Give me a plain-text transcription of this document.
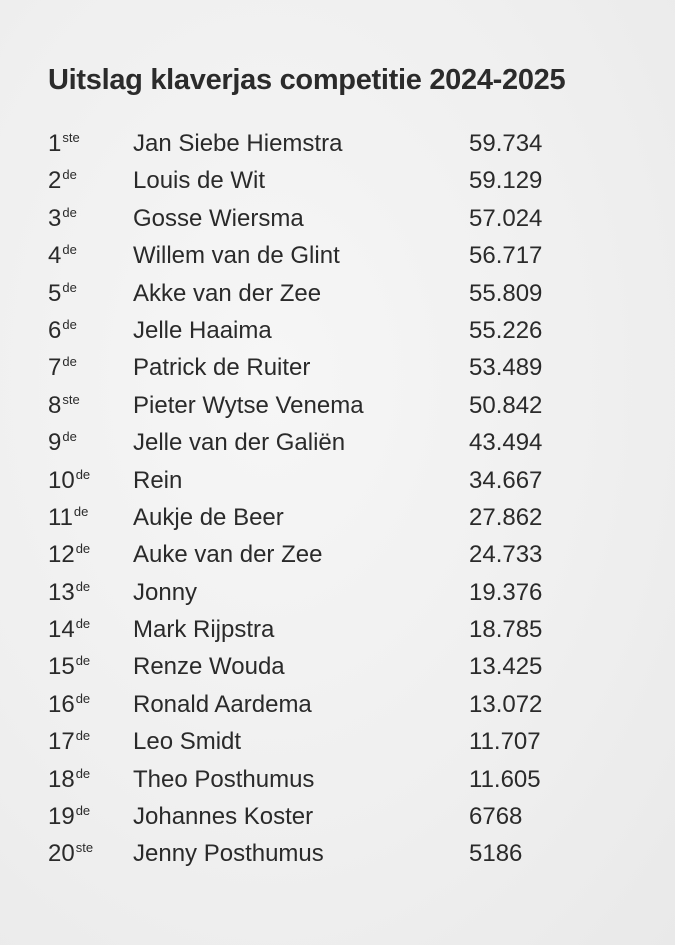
Uitslag klaverjas competitie 2024-2025
1ste Jan Siebe Hiemstra	59.734
2de Louis de Wit	59.129
3de Gosse Wiersma	57.024
4de Willem van de Glint	56.717
5de Akke van der Zee	55.809
6de Jelle Haaima	55.226
7de Patrick de Ruiter	53.489
8ste Pieter Wytse Venema	50.842
9de Jelle van der Galiën	43.494
10de Rein	34.667
11de Aukje de Beer	27.862
12de Auke van der Zee	24.733
13de Jonny	19.376
14de Mark Rijpstra	18.785
15de Renze Wouda	13.425
16de Ronald Aardema	13.072
17de Leo Smidt	11.707
18de Theo Posthumus	11.605
19de Johannes Koster	6768
20ste Jenny Posthumus	5186
